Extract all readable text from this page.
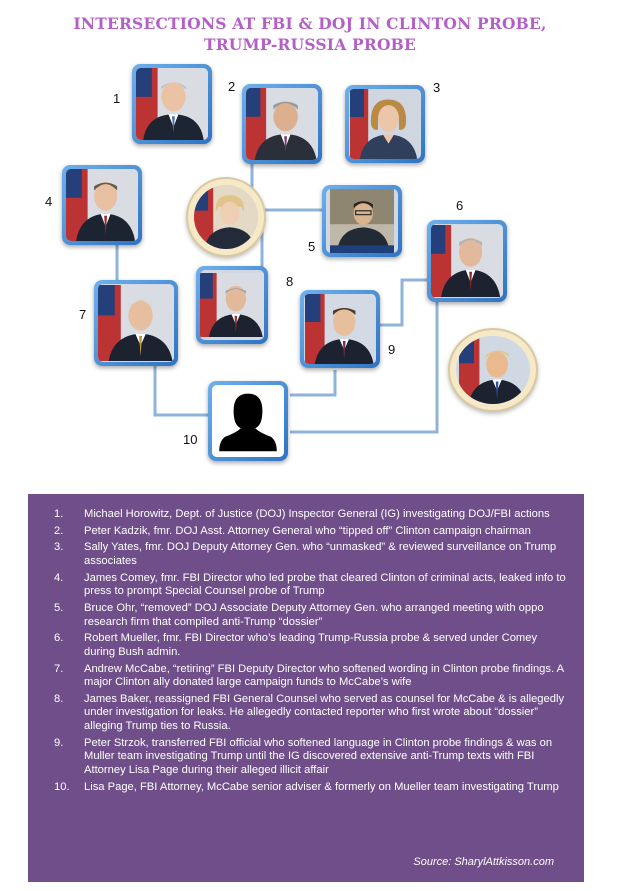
INTERSECTIONS AT FBI & DOJ IN CLINTON PROBE,
TRUMP-RUSSIA PROBE
1
2	3
4
5
6
7
8
9
10
1. Michael Horowitz, Dept. of Justice (DOJ) Inspector General (IG) investigating DOJ/FBI actions
2. Peter Kadzik, fmr. DOJ Asst. Attorney General who “tipped off” Clinton campaign chairman
3. Sally Yates, fmr. DOJ Deputy Attorney Gen. who “unmasked” & reviewed surveillance on Trump associates
4. James Comey, fmr. FBI Director who led probe that cleared Clinton of criminal acts, leaked info to press to prompt Special Counsel probe of Trump
5. Bruce Ohr, “removed” DOJ Associate Deputy Attorney Gen. who arranged meeting with oppo research firm that compiled anti-Trump “dossier”
6. Robert Mueller, fmr. FBI Director who’s leading Trump-Russia probe & served under Comey during Bush admin.
7. Andrew McCabe, “retiring” FBI Deputy Director who softened wording in Clinton probe findings. A major Clinton ally donated large campaign funds to McCabe’s wife
8. James Baker, reassigned FBI General Counsel who served as counsel for McCabe & is allegedly under investigation for leaks. He allegedly contacted reporter who first wrote about “dossier” alleging Trump ties to Russia.
9. Peter Strzok, transferred FBI official who softened language in Clinton probe findings & was on Muller team investigating Trump until the IG discovered extensive anti-Trump texts with FBI Attorney Lisa Page during their alleged illicit affair
10. Lisa Page, FBI Attorney, McCabe senior adviser & formerly on Mueller team investigating Trump
Source: SharylAttkisson.com
